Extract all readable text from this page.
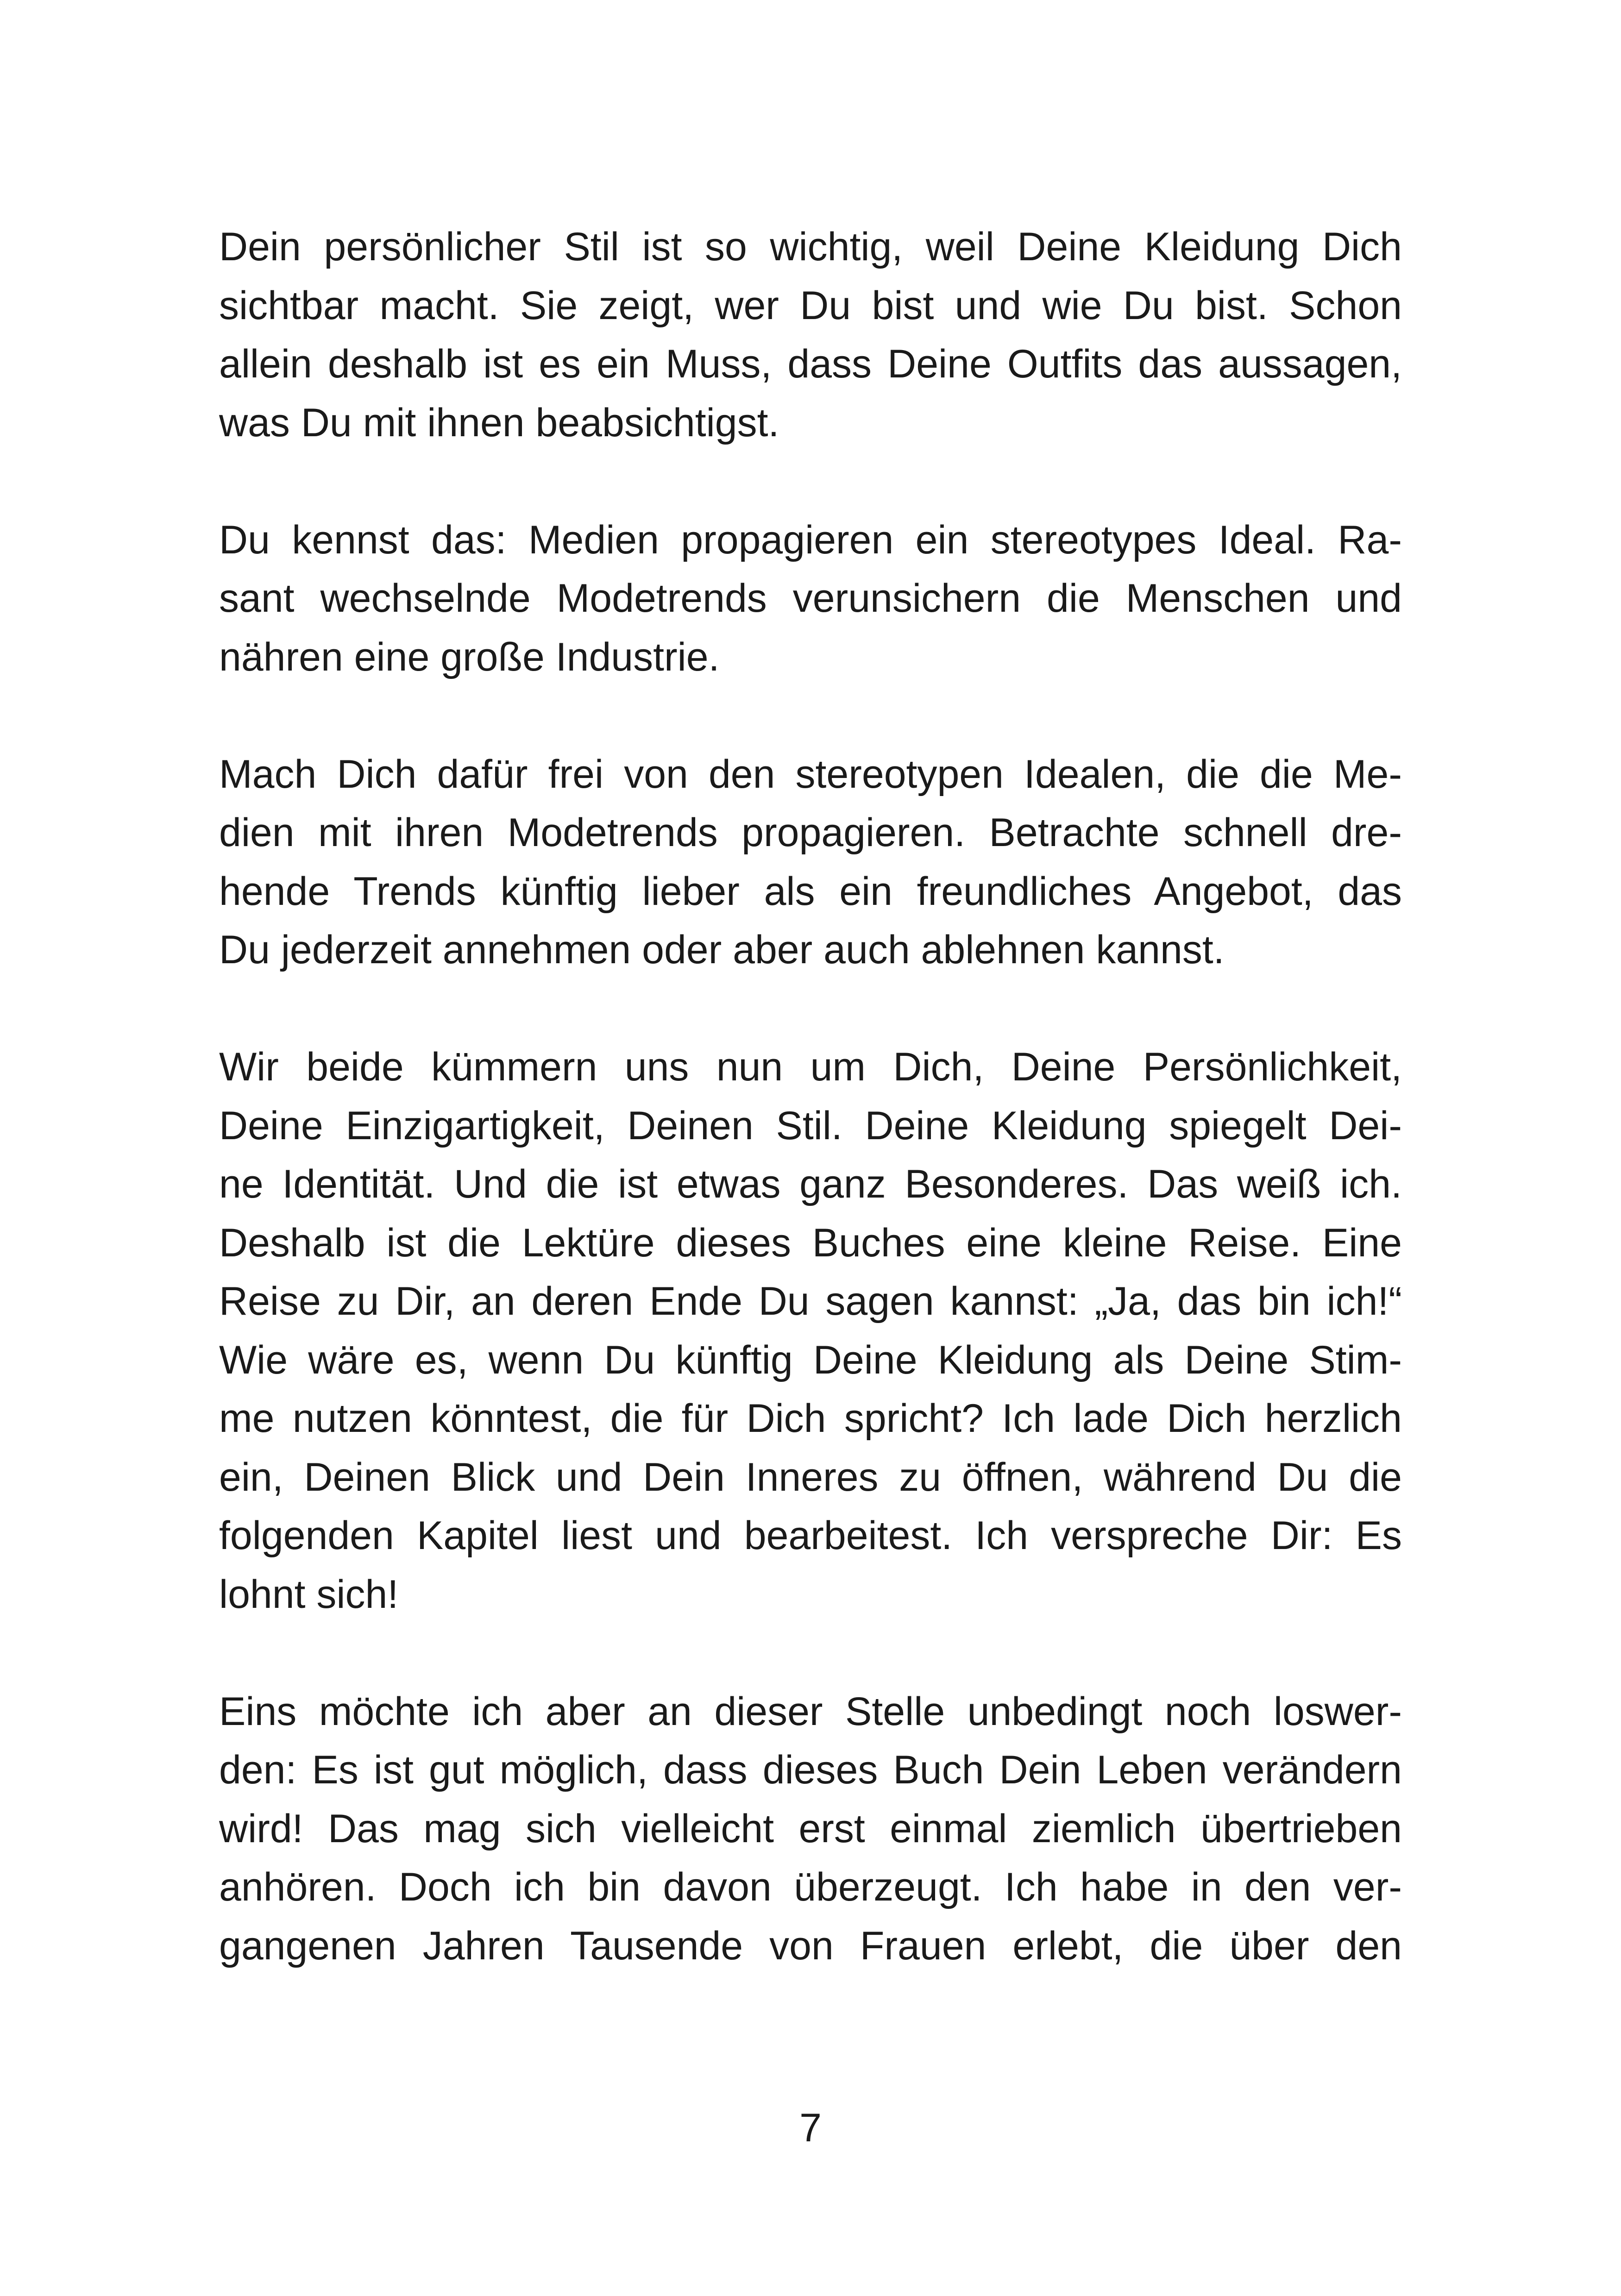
Dein persönlicher Stil ist so wichtig, weil Deine Kleidung Dich
sichtbar macht. Sie zeigt, wer Du bist und wie Du bist. Schon
allein deshalb ist es ein Muss, dass Deine Outfits das aussagen,
was Du mit ihnen beabsichtigst.
Du kennst das: Medien propagieren ein stereotypes Ideal. Ra-
sant wechselnde Modetrends verunsichern die Menschen und
nähren eine große Industrie.
Mach Dich dafür frei von den stereotypen Idealen, die die Me-
dien mit ihren Modetrends propagieren. Betrachte schnell dre-
hende Trends künftig lieber als ein freundliches Angebot, das
Du jederzeit annehmen oder aber auch ablehnen kannst.
Wir beide kümmern uns nun um Dich, Deine Persönlichkeit,
Deine Einzigartigkeit, Deinen Stil. Deine Kleidung spiegelt Dei-
ne Identität. Und die ist etwas ganz Besonderes. Das weiß ich.
Deshalb ist die Lektüre dieses Buches eine kleine Reise. Eine
Reise zu Dir, an deren Ende Du sagen kannst: „Ja, das bin ich!“
Wie wäre es, wenn Du künftig Deine Kleidung als Deine Stim-
me nutzen könntest, die für Dich spricht? Ich lade Dich herzlich
ein, Deinen Blick und Dein Inneres zu öffnen, während Du die
folgenden Kapitel liest und bearbeitest. Ich verspreche Dir: Es
lohnt sich!
Eins möchte ich aber an dieser Stelle unbedingt noch loswer-
den: Es ist gut möglich, dass dieses Buch Dein Leben verändern
wird! Das mag sich vielleicht erst einmal ziemlich übertrieben
anhören. Doch ich bin davon überzeugt. Ich habe in den ver-
gangenen Jahren Tausende von Frauen erlebt, die über den
7
